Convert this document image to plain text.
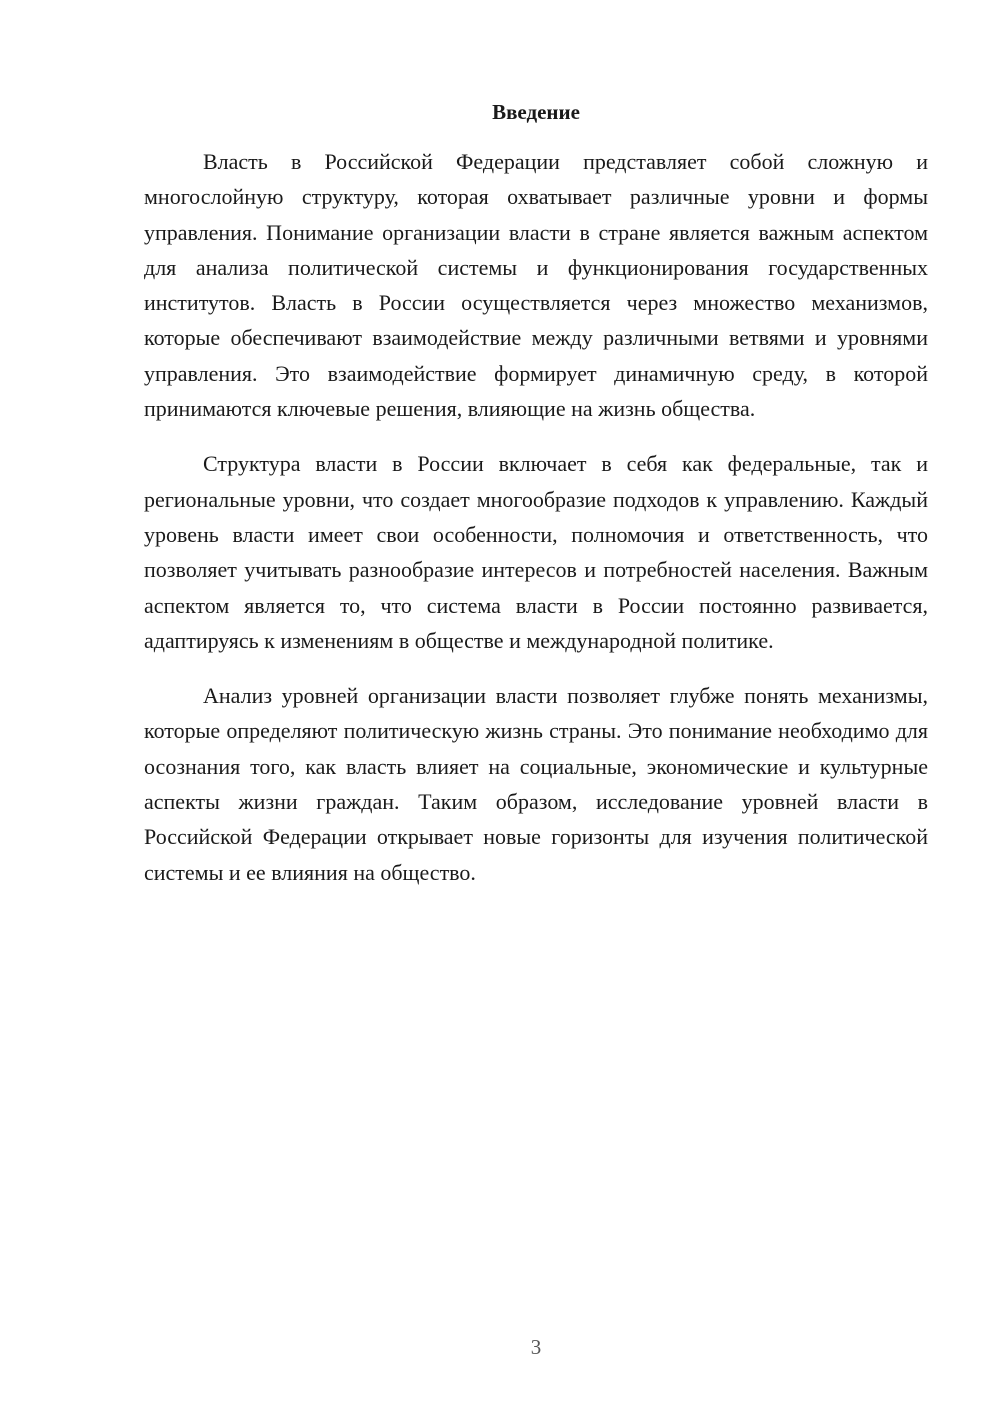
Введение

Власть в Российской Федерации представляет собой сложную и многослойную структуру, которая охватывает различные уровни и формы управления. Понимание организации власти в стране является важным аспектом для анализа политической системы и функционирования государственных институтов. Власть в России осуществляется через множество механизмов, которые обеспечивают взаимодействие между различными ветвями и уровнями управления. Это взаимодействие формирует динамичную среду, в которой принимаются ключевые решения, влияющие на жизнь общества.

Структура власти в России включает в себя как федеральные, так и региональные уровни, что создает многообразие подходов к управлению. Каждый уровень власти имеет свои особенности, полномочия и ответственность, что позволяет учитывать разнообразие интересов и потребностей населения. Важным аспектом является то, что система власти в России постоянно развивается, адаптируясь к изменениям в обществе и международной политике.

Анализ уровней организации власти позволяет глубже понять механизмы, которые определяют политическую жизнь страны. Это понимание необходимо для осознания того, как власть влияет на социальные, экономические и культурные аспекты жизни граждан. Таким образом, исследование уровней власти в Российской Федерации открывает новые горизонты для изучения политической системы и ее влияния на общество.

3
